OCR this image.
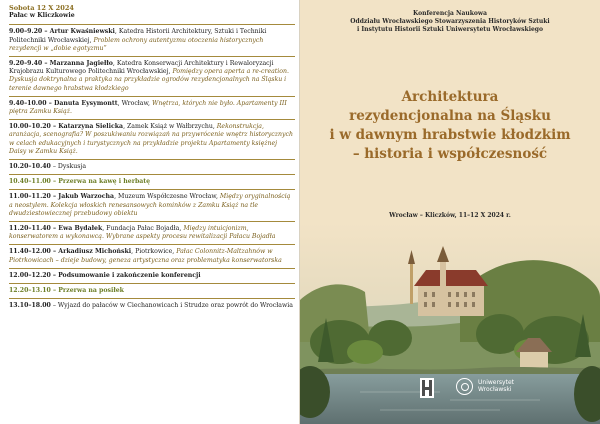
Sobota 12 X 2024
Pałac w Kliczkowie
9.00–9.20 – Artur Kwaśniewski, Katedra Historii Architektury, Sztuki i Techniki Politechniki Wrocławskiej, Problem ochrony autentyzmu otoczenia historycznych rezydencji w „dobie egotyzmu”
9.20–9.40 – Marzanna Jagiełło, Katedra Konserwacji Architektury i Rewaloryzacji Krajobrazu Kulturowego Politechniki Wrocławskiej, Pomiędzy opera aperta a re-creation. Dyskusja doktrynalna a praktyka na przykładzie ogrodów rezydencjonalnych na Śląsku i terenie dawnego hrabstwa kłodzkiego
9.40–10.00 – Danuta Eysymontt, Wrocław, Wnętrza, których nie było. Apartamenty III piętra Zamku Książ.
10.00–10.20 – Katarzyna Sielicka, Zamek Książ w Wałbrzychu, Rekonstrukcja, aranżacja, scenografia? W poszukiwaniu rozwiązań na przywrócenie wnętrz historycznych w celach edukacyjnych i turystycznych na przykładzie projektu Apartamenty księżnej Daisy w Zamku Książ.
10.20–10.40 – Dyskusja
10.40–11.00 – Przerwa na kawę i herbatę
11.00–11.20 – Jakub Warzocha, Muzeum Współczesne Wrocław, Między oryginalnością a neostylem. Kolekcja włoskich renesansowych kominków z Zamku Książ na tle dwudziestowiecznej przebudowy obiektu
11.20–11.40 – Ewa Bydałek, Fundacja Pałac Bojadła, Między intuicjonizm, konserwatorem a wykonawcą. Wybrane aspekty procesu rewitalizacji Pałacu Bojadła
11.40–12.00 – Arkadiusz Michoński, Piotrkowice, Pałac Colonnitz-Maltzahnów w Piotrkowicach – dzieje budowy, geneza artystyczna oraz problematyka konserwatorska
12.00–12.20 – Podsumowanie i zakończenie konferencji
12.20–13.10 – Przerwa na posiłek
13.10–18.00 – Wyjazd do pałaców w Ciechanowicach i Strudze oraz powrót do Wrocławia
Konferencja Naukowa
Oddziału Wrocławskiego Stowarzyszenia Historyków Sztuki
i Instytutu Historii Sztuki Uniwersytetu Wrocławskiego
Architektura
rezydencjonalna na Śląsku
i w dawnym hrabstwie kłodzkim
– historia i współczesność
Wrocław – Kliczków, 11–12 X 2024 r.
Uniwersytet
Wrocławski
